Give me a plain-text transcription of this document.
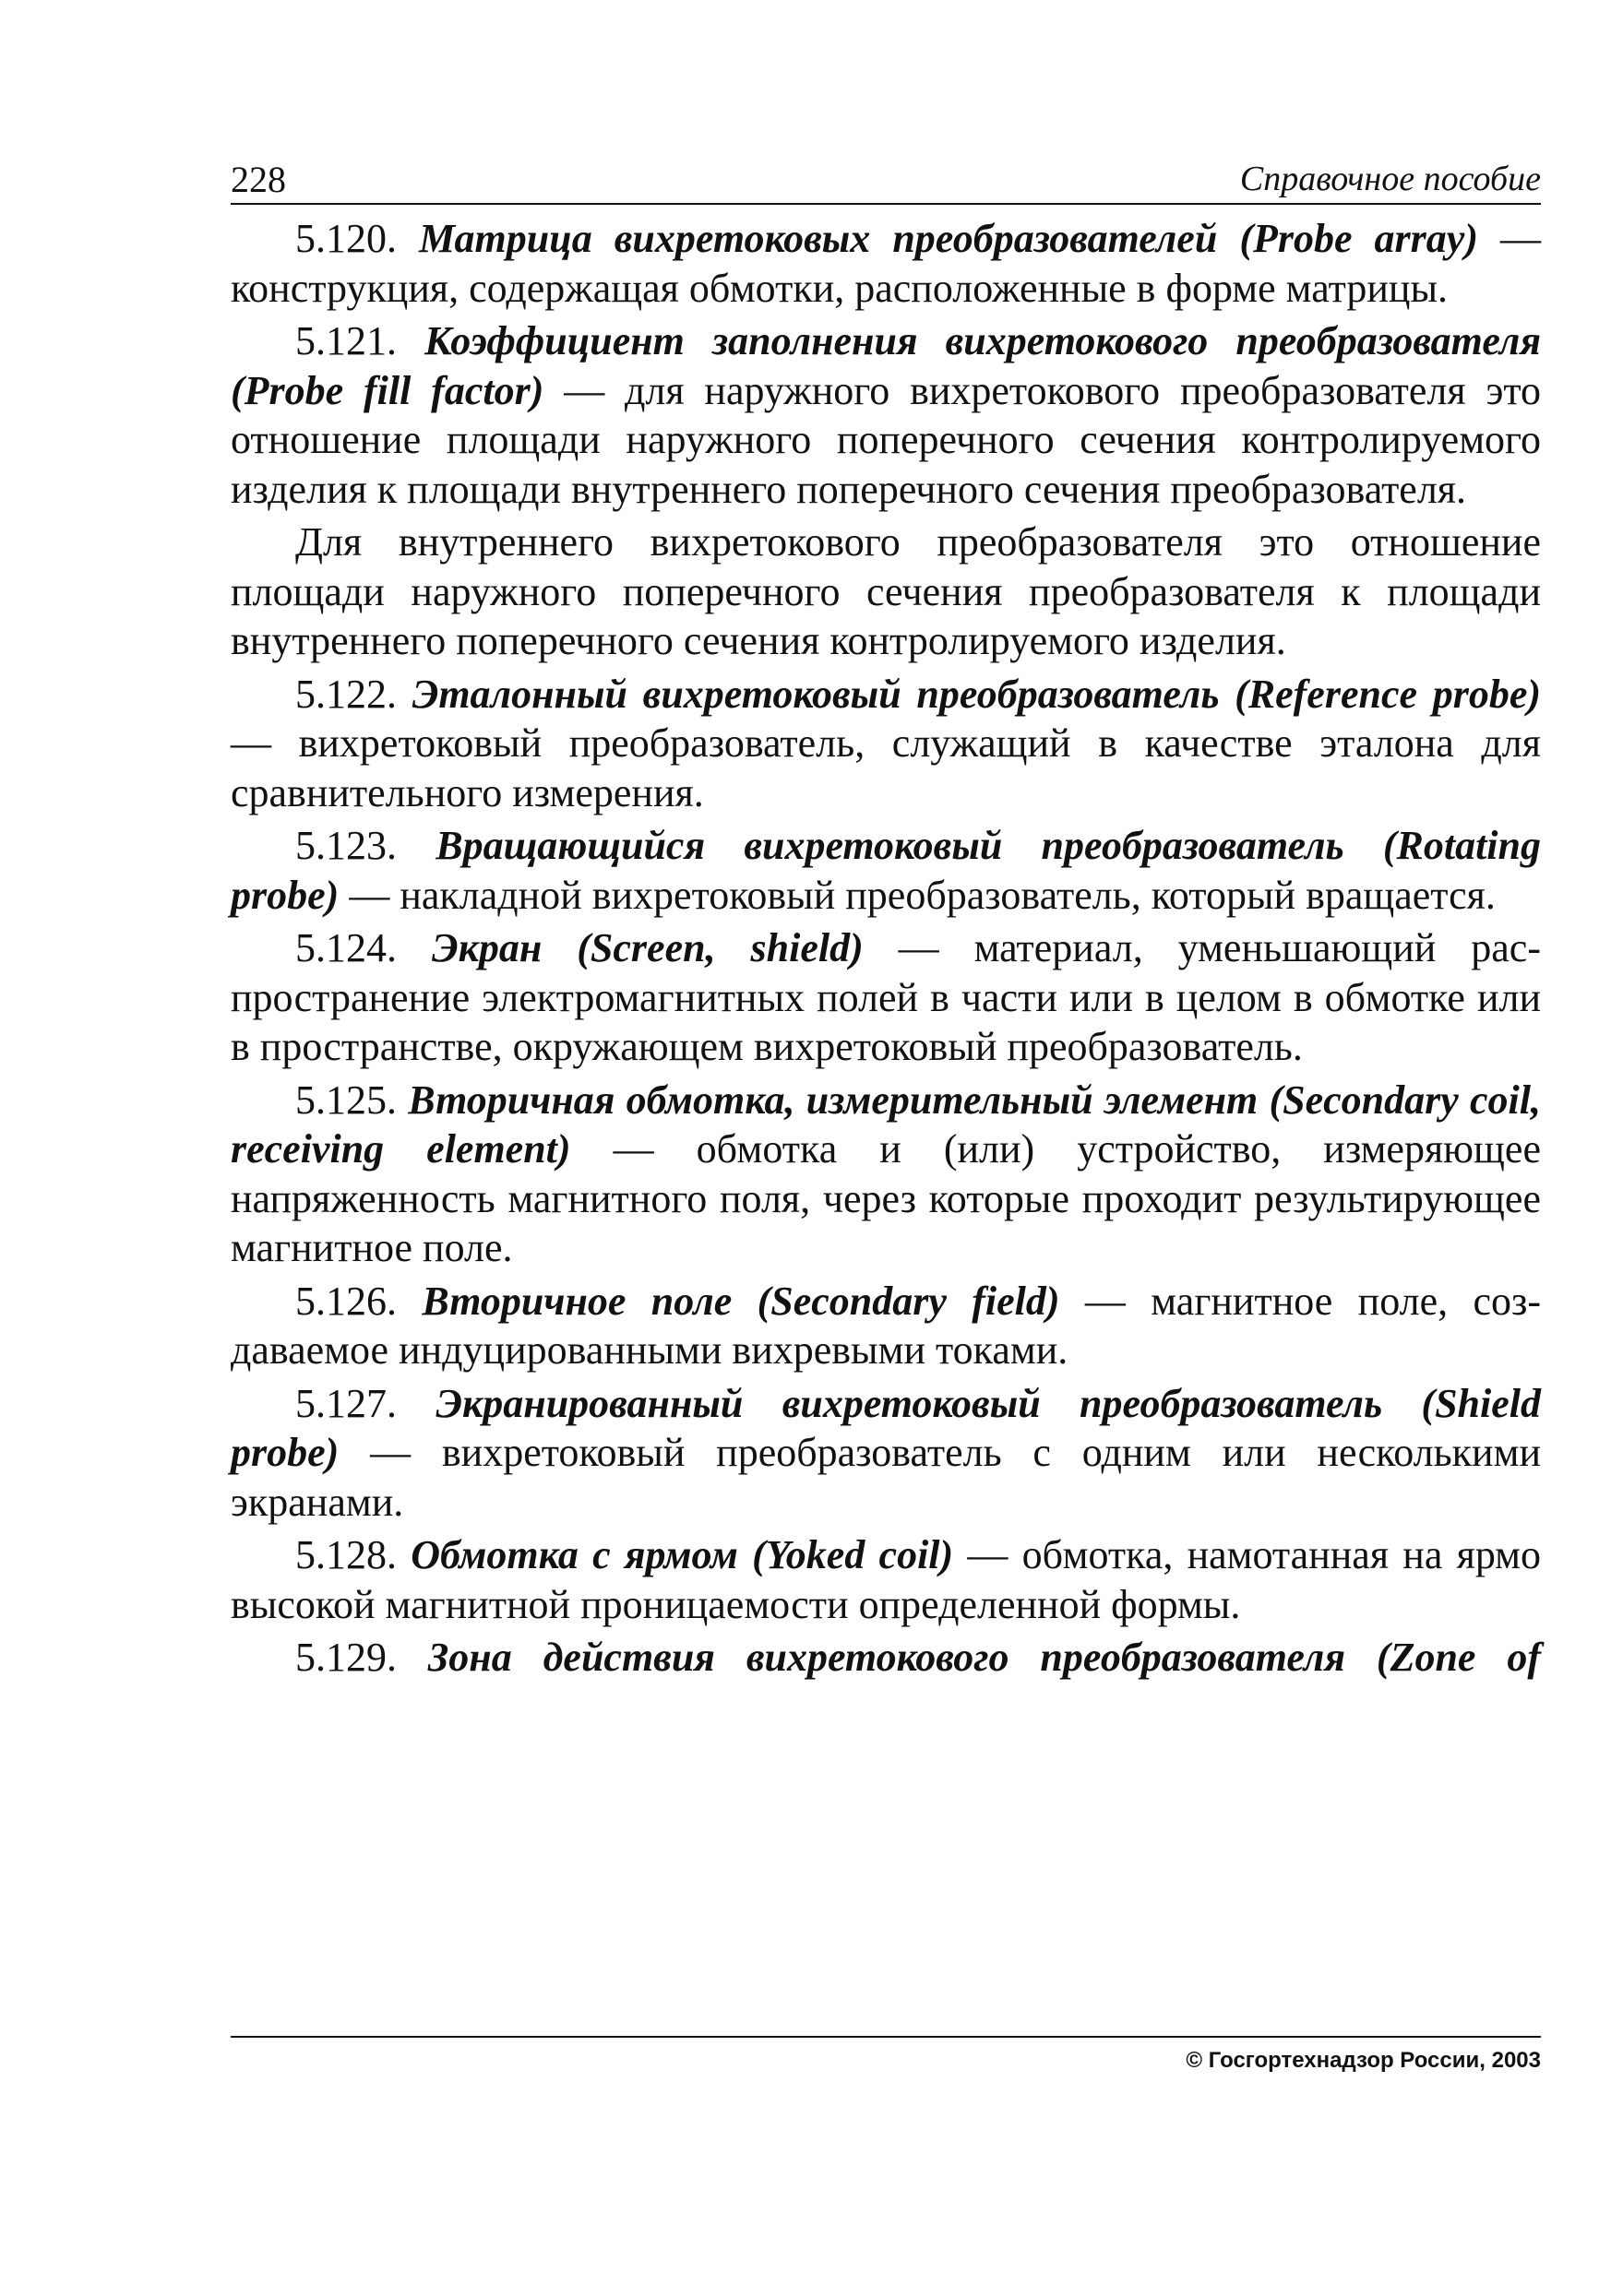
228	Справочное пособие

5.120. Матрица вихретоковых преобразователей (Probe array) — конструкция, содержащая обмотки, расположенные в форме матрицы.

5.121. Коэффициент заполнения вихретокового преобразователя (Probe fill factor) — для наружного вихретокового преобразователя это отношение площади наружного поперечного сечения контролируемого изделия к площади внутреннего поперечного сечения преобразователя.

Для внутреннего вихретокового преобразователя это отношение площади наружного поперечного сечения преобразователя к площади внутреннего поперечного сечения контролируемого изделия.

5.122. Эталонный вихретоковый преобразователь (Reference probe) — вихретоковый преобразователь, служащий в качестве эталона для сравнительного измерения.

5.123. Вращающийся вихретоковый преобразователь (Rotating probe) — накладной вихретоковый преобразователь, который вращается.

5.124. Экран (Screen, shield) — материал, уменьшающий распространение электромагнитных полей в части или в целом в обмотке или в пространстве, окружающем вихретоковый преобразователь.

5.125. Вторичная обмотка, измерительный элемент (Secondary coil, receiving element) — обмотка и (или) устройство, измеряющее напряженность магнитного поля, через которые проходит результирующее магнитное поле.

5.126. Вторичное поле (Secondary field) — магнитное поле, создаваемое индуцированными вихревыми токами.

5.127. Экранированный вихретоковый преобразователь (Shield probe) — вихретоковый преобразователь с одним или несколькими экранами.

5.128. Обмотка с ярмом (Yoked coil) — обмотка, намотанная на ярмо высокой магнитной проницаемости определенной формы.

5.129. Зона действия вихретокового преобразователя (Zone of

© Госгортехнадзор России, 2003
